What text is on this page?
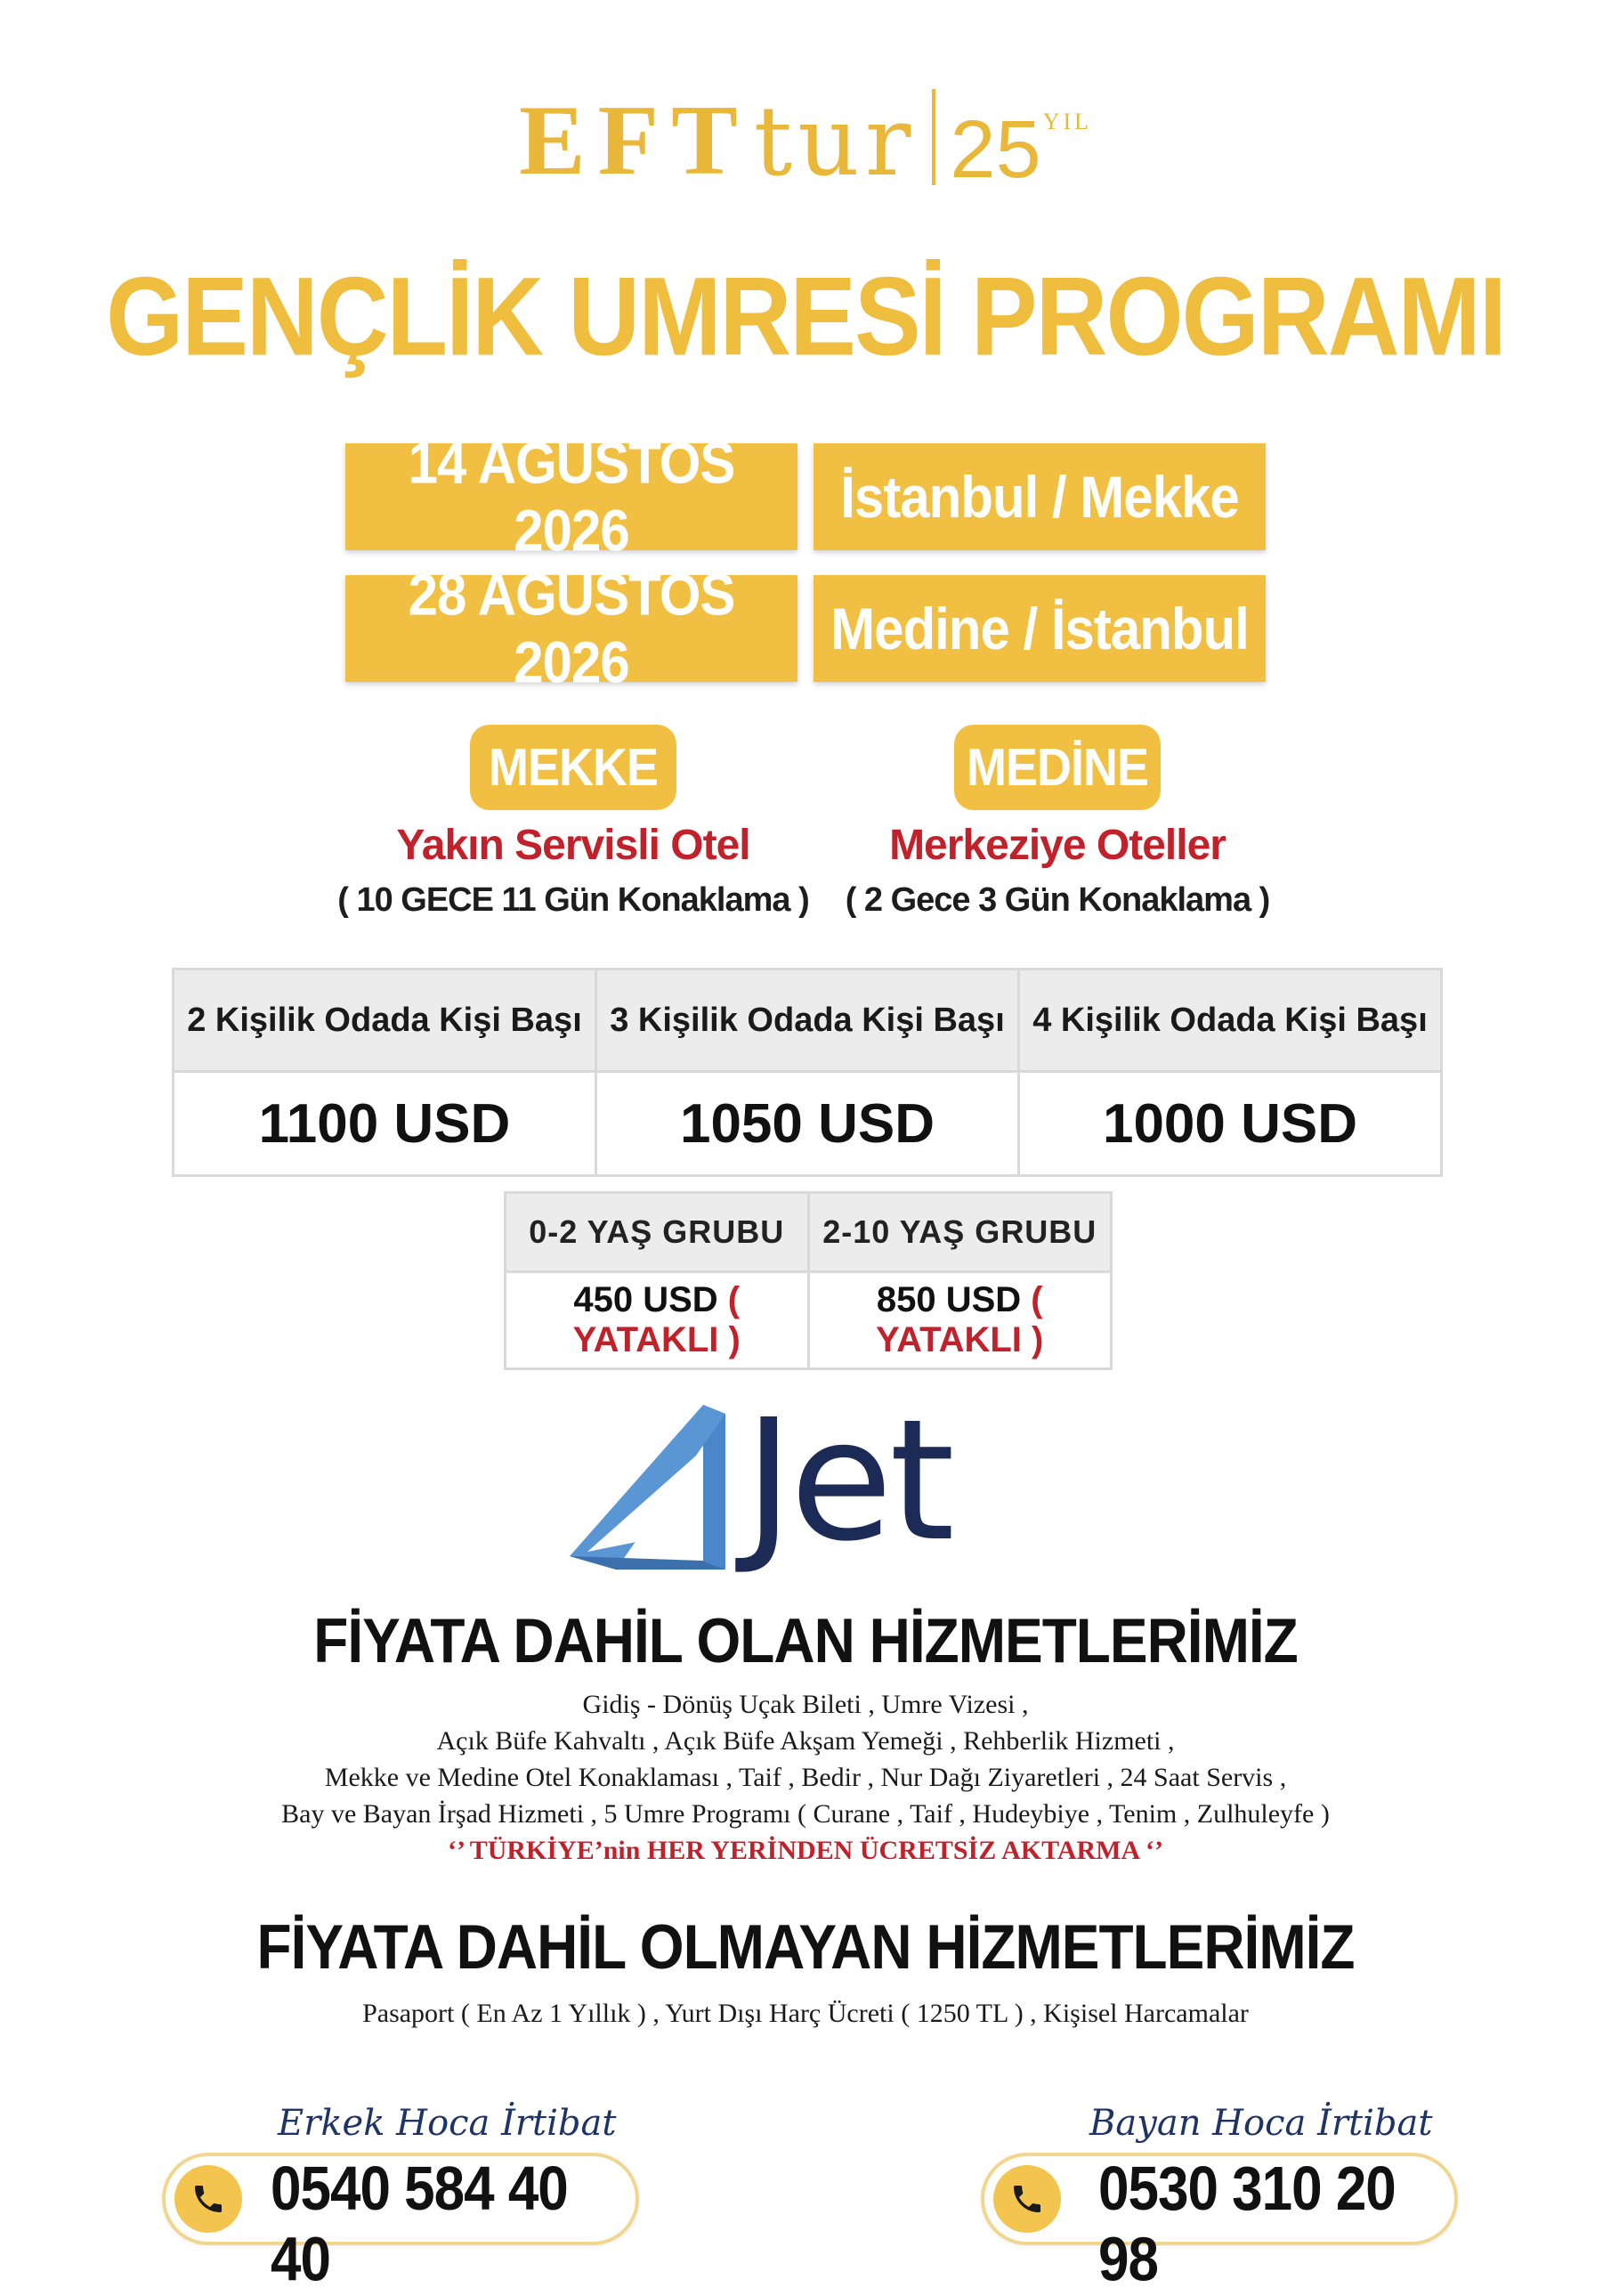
EFT tur 25 YIL
GENÇLİK UMRESİ PROGRAMI
14 AĞUSTOS 2026
İstanbul / Mekke
28 AĞUSTOS 2026
Medine / İstanbul
MEKKE	MEDİNE
Yakın Servisli Otel	Merkeziye Oteller
( 10 GECE 11 Gün Konaklama )	( 2 Gece 3 Gün Konaklama )
2 Kişilik Odada Kişi Başı	3 Kişilik Odada Kişi Başı	4 Kişilik Odada Kişi Başı
1100 USD	1050 USD	1000 USD
0-2 YAŞ GRUBU	2-10 YAŞ GRUBU
450 USD ( YATAKLI )	850 USD ( YATAKLI )
Jet
FİYATA DAHİL OLAN HİZMETLERİMİZ
Gidiş - Dönüş Uçak Bileti , Umre Vizesi ,
Açık Büfe Kahvaltı , Açık Büfe Akşam Yemeği , Rehberlik Hizmeti ,
Mekke ve Medine Otel Konaklaması , Taif , Bedir , Nur Dağı Ziyaretleri , 24 Saat Servis ,
Bay ve Bayan İrşad Hizmeti , 5 Umre Programı ( Curane , Taif , Hudeybiye , Tenim , Zulhuleyfe )
‘’ TÜRKİYE’nin HER YERİNDEN ÜCRETSİZ AKTARMA ‘’
FİYATA DAHİL OLMAYAN HİZMETLERİMİZ
Pasaport ( En Az 1 Yıllık ) , Yurt Dışı Harç Ücreti ( 1250 TL ) , Kişisel Harcamalar
Erkek Hoca İrtibat
0540 584 40 40
Bayan Hoca İrtibat
0530 310 20 98
